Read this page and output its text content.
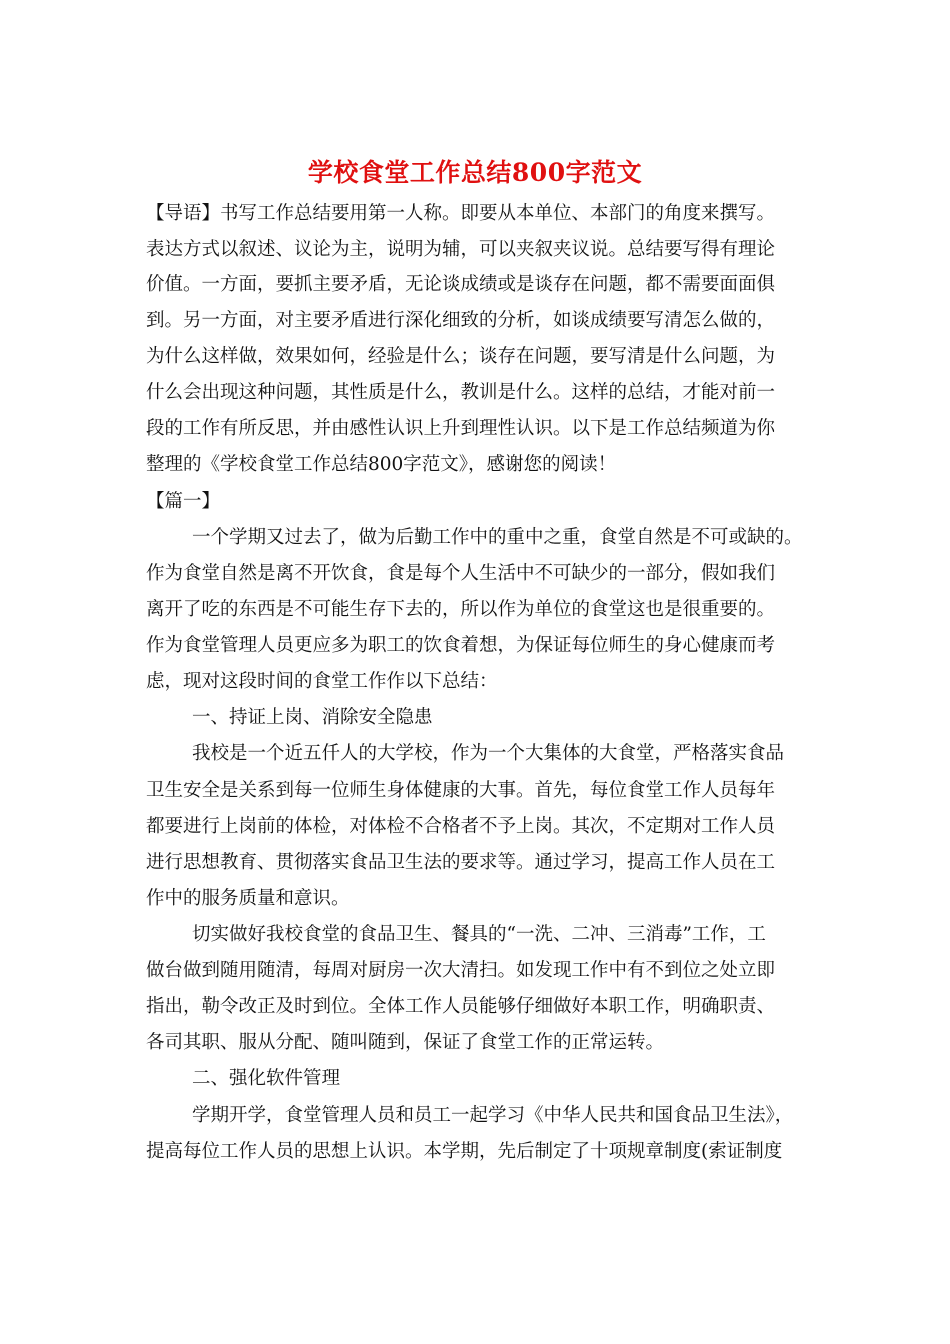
学校食堂工作总结800字范文
【导语】书写工作总结要用第一人称。即要从本单位、本部门的角度来撰写。
表达方式以叙述、议论为主，说明为辅，可以夹叙夹议说。总结要写得有理论
价值。一方面，要抓主要矛盾，无论谈成绩或是谈存在问题，都不需要面面俱
到。另一方面，对主要矛盾进行深化细致的分析，如谈成绩要写清怎么做的，
为什么这样做，效果如何，经验是什么；谈存在问题，要写清是什么问题，为
什么会出现这种问题，其性质是什么，教训是什么。这样的总结，才能对前一
段的工作有所反思，并由感性认识上升到理性认识。以下是工作总结频道为你
整理的《学校食堂工作总结800字范文》，感谢您的阅读！
【篇一】
一个学期又过去了，做为后勤工作中的重中之重，食堂自然是不可或缺的。
作为食堂自然是离不开饮食，食是每个人生活中不可缺少的一部分，假如我们
离开了吃的东西是不可能生存下去的，所以作为单位的食堂这也是很重要的。
作为食堂管理人员更应多为职工的饮食着想，为保证每位师生的身心健康而考
虑，现对这段时间的食堂工作作以下总结：
一、持证上岗、消除安全隐患
我校是一个近五仟人的大学校，作为一个大集体的大食堂，严格落实食品
卫生安全是关系到每一位师生身体健康的大事。首先，每位食堂工作人员每年
都要进行上岗前的体检，对体检不合格者不予上岗。其次，不定期对工作人员
进行思想教育、贯彻落实食品卫生法的要求等。通过学习，提高工作人员在工
作中的服务质量和意识。
切实做好我校食堂的食品卫生、餐具的“一洗、二冲、三消毒”工作，工
做台做到随用随清，每周对厨房一次大清扫。如发现工作中有不到位之处立即
指出，勒令改正及时到位。全体工作人员能够仔细做好本职工作，明确职责、
各司其职、服从分配、随叫随到，保证了食堂工作的正常运转。
二、强化软件管理
学期开学，食堂管理人员和员工一起学习《中华人民共和国食品卫生法》，
提高每位工作人员的思想上认识。本学期，先后制定了十项规章制度(索证制度
